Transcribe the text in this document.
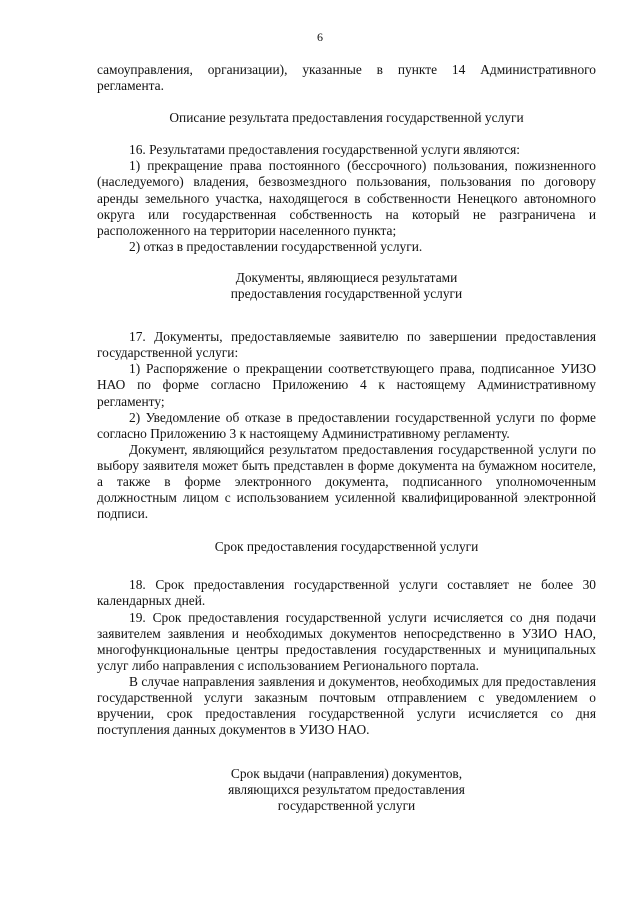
6

самоуправления, организации), указанные в пункте 14 Административного

регламента.

Описание результата предоставления государственной услуги

16. Результатами предоставления государственной услуги являются:

1) прекращение права постоянного (бессрочного) пользования, пожизненного (наследуемого) владения, безвозмездного пользования, пользования по договору аренды земельного участка, находящегося в собственности Ненецкого автономного округа или государственная собственность на который не разграничена и расположенного на территории населенного пункта;

2) отказ в предоставлении государственной услуги.

Документы, являющиеся результатами
предоставления государственной услуги

17. Документы, предоставляемые заявителю по завершении предоставления государственной услуги:

1) Распоряжение о прекращении соответствующего права, подписанное УИЗО НАО по форме согласно Приложению 4 к настоящему Административному регламенту;

2) Уведомление об отказе в предоставлении государственной услуги по форме согласно Приложению 3 к настоящему Административному регламенту.

Документ, являющийся результатом предоставления государственной услуги по выбору заявителя может быть представлен в форме документа на бумажном носителе, а также в форме электронного документа, подписанного уполномоченным должностным лицом с использованием усиленной квалифицированной электронной подписи.

Срок предоставления государственной услуги

18. Срок предоставления государственной услуги составляет не более 30 календарных дней.

19. Срок предоставления государственной услуги исчисляется со дня подачи заявителем заявления и необходимых документов непосредственно в УЗИО НАО, многофункциональные центры предоставления государственных и муниципальных услуг либо направления с использованием Регионального портала.

В случае направления заявления и документов, необходимых для предоставления государственной услуги заказным почтовым отправлением с уведомлением о вручении, срок предоставления государственной услуги исчисляется со дня поступления данных документов в УИЗО НАО.

Срок выдачи (направления) документов,
являющихся результатом предоставления
государственной услуги
